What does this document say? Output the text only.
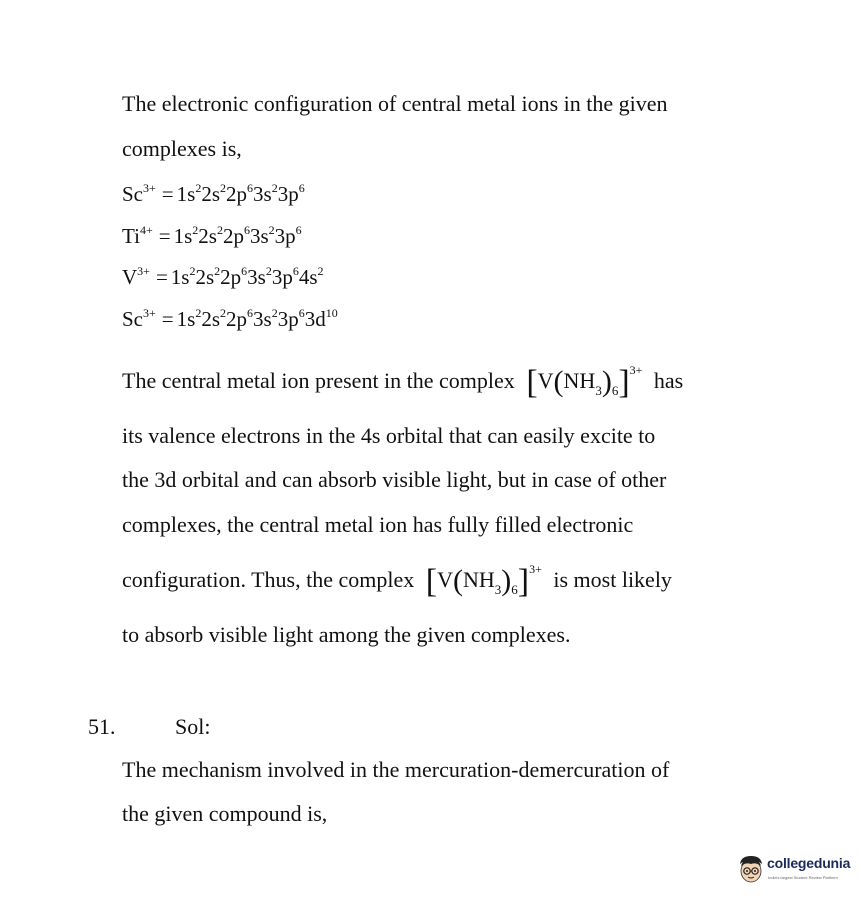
The electronic configuration of central metal ions in the given
complexes is,
$Sc^{3+} = 1s^22s^22p^63s^23p^6$
$Ti^{4+} = 1s^22s^22p^63s^23p^6$
$V^{3+} = 1s^22s^22p^63s^23p^64s^2$
$Sc^{3+} = 1s^22s^22p^63s^23p^63d^{10}$
The central metal ion present in the complex $[V(NH_3)_6]^{3+}$ has
its valence electrons in the 4s orbital that can easily excite to
the 3d orbital and can absorb visible light, but in case of other
complexes, the central metal ion has fully filled electronic
configuration. Thus, the complex $[V(NH_3)_6]^{3+}$ is most likely
to absorb visible light among the given complexes.
51.	Sol:
The mechanism involved in the mercuration-demercuration of
the given compound is,
collegedunia
India's largest Student Review Platform
